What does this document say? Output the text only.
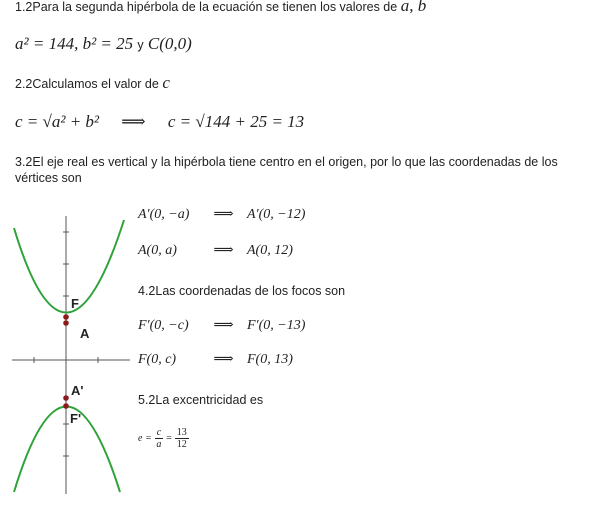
1.2Para la segunda hipérbola de la ecuación se tienen los valores de a, b
a² = 144, b² = 25 y C(0,0)
2.2Calculamos el valor de c
c = √a² + b² ⟹ c = √144 + 25 = 13
3.2El eje real es vertical y la hipérbola tiene centro en el origen, por lo que las coordenadas de los vértices son
F
A
A'
F'
A′(0, −a) ⟹ A′(0, −12)
A(0, a)	⟹ A(0, 12)
4.2Las coordenadas de los focos son
F′(0, −c) ⟹ F′(0, −13)
F(0, c)	⟹ F(0, 13)
5.2La excentricidad es
$e = \frac{c}{a} = \frac{13}{12}$
